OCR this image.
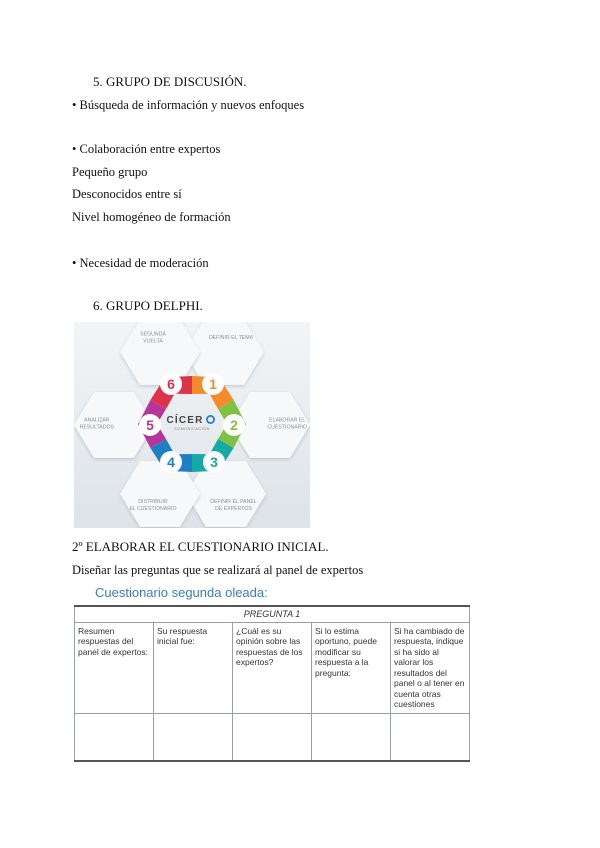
5. GRUPO DE DISCUSIÓN.
• Búsqueda de información y nuevos enfoques
• Colaboración entre expertos
Pequeño grupo
Desconocidos entre sí
Nivel homogéneo de formación
• Necesidad de moderación
6. GRUPO DELPHI.
DEFINIR EL TEMA
ELABORAR EL
CUESTIONARIO
DEFINIR EL PANEL
DE EXPERTOS
DISTRIBUIR
EL CUESTIONARIO
ANALIZAR
RESULTADOS
SEGUNDA
VUELTA
1
2
3
4
5
6
CÍCER
COMUNICACIÓN
2º ELABORAR EL CUESTIONARIO INICIAL.
Diseñar las preguntas que se realizará al panel de expertos
Cuestionario segunda oleada:
PREGUNTA 1				
Resumen respuestas del panel de expertos:	Su respuesta inicial fue:	¿Cuál es su opinión sobre las respuestas de los expertos?	Si lo estima oportuno, puede modificar su respuesta a la pregunta:	Si ha cambiado de respuesta, indique si ha sido al valorar los resultados del panel o al tener en cuenta otras cuestiones
